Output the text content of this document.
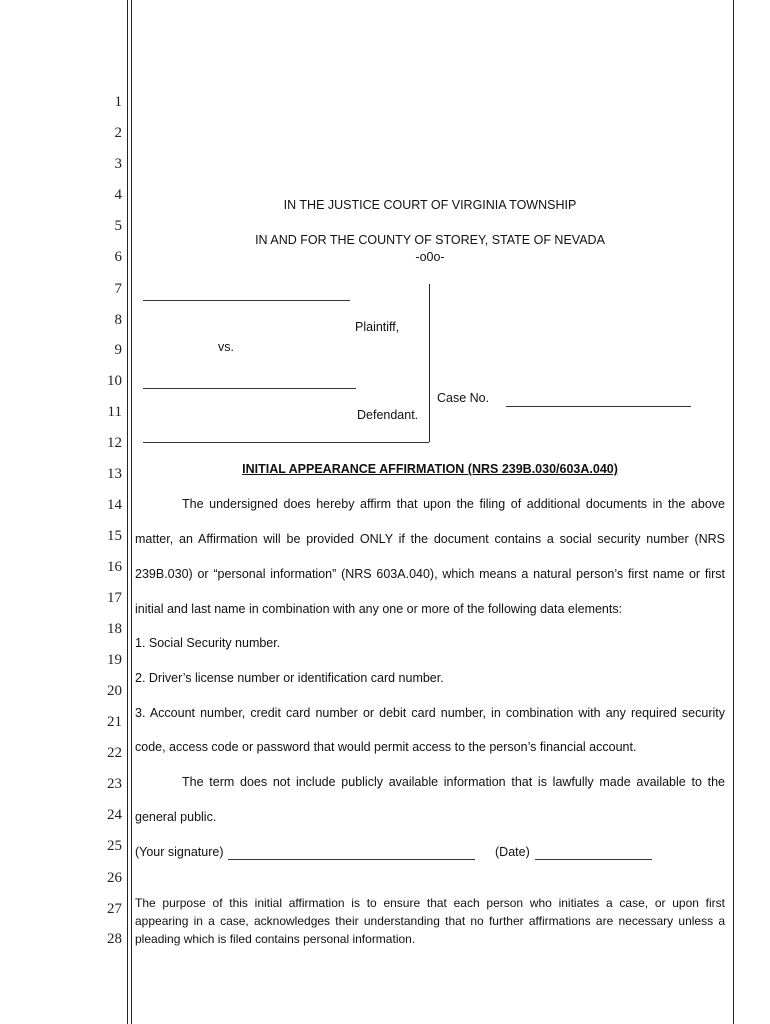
1
2
3
4
5
6
7
8
9
10
11
12
13
14
15
16
17
18
19
20
21
22
23
24
25
26
27
28
IN THE JUSTICE COURT OF VIRGINIA TOWNSHIP
IN AND FOR THE COUNTY OF STOREY, STATE OF NEVADA
-o0o-
Plaintiff,
vs.
Defendant.
Case No.
INITIAL APPEARANCE AFFIRMATION (NRS 239B.030/603A.040)
The undersigned does hereby affirm that upon the filing of additional documents in the above
matter, an Affirmation will be provided ONLY if the document contains a social security number (NRS
239B.030) or “personal information” (NRS 603A.040), which means a natural person’s first name or first
initial and last name in combination with any one or more of the following data elements:
1. Social Security number.
2. Driver’s license number or identification card number.
3. Account number, credit card number or debit card number, in combination with any required security
code, access code or password that would permit access to the person’s financial account.
The term does not include publicly available information that is lawfully made available to the
general public.
(Your signature)	(Date)
The purpose of this initial affirmation is to ensure that each person who initiates a case, or upon first
appearing in a case, acknowledges their understanding that no further affirmations are necessary unless a
pleading which is filed contains personal information.
